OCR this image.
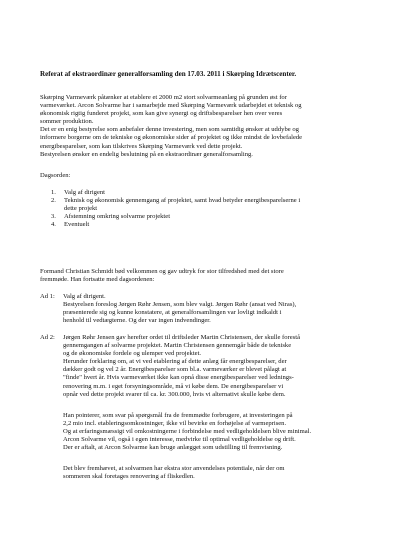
Referat af ekstraordinær generalforsamling den 17.03. 2011 i Skørping Idrætscenter.
Skørping Varmeværk påtænker at etablere et 2000 m2 stort solvarmeanlæg på grunden øst for
varmeværket. Arcon Solvarme har i samarbejde med Skørping Varmeværk udarbejdet et teknisk og
økonomisk rigtig funderet projekt, som kan give synergi og driftsbesparelser hen over veres
sommer produktion.
Det er en enig bestyrelse som anbefaler denne investering, men som samtidig ønsker at uddybe og
informere borgerne om de tekniske og økonomiske sider af projektet og ikke mindst de lovbefalede
energibesparelser, som kan tilskrives Skørping Varmeværk ved dette projekt.
Bestyrelsen ønsker en endelig beslutning på en ekstraordinær generalforsamling.
Dagsorden:
1. Valg af dirigent
2. Teknisk og økonomisk gennemgang af projektet, samt hvad betyder energibesparelserne i
dette projekt
3. Afstemning omkring solvarme projektet
4. Eventuelt
Formand Christian Schmidt bød velkommen og gav udtryk for stor tilfredshed med det store
fremmøde. Han fortsatte med dagsordenen:
Ad 1: Valg af dirigent.
Bestyrelsen foreslog Jørgen Røhr Jensen, som blev valgt. Jørgen Røhr (ansat ved Niras),
præsenterede sig og kunne konstatere, at generalforsamlingen var lovligt indkaldt i
henhold til vedtægterne. Og der var ingen indvendinger.
Ad 2: Jørgen Røhr Jensen gav herefter ordet til driftsleder Martin Christensen, der skulle forestå
gennemgangen af solvarme projektet. Martin Christensen gennemgår både de tekniske
og de økonomiske fordele og ulemper ved projektet.
Herunder forklaring om, at vi ved etablering af dette anlæg får energibesparelser, der
dækker godt og vel 2 år. Energibesparelser som bl.a. varmeværker er blevet pålagt at
"finde" hvert år. Hvis varmeværket ikke kan opnå disse energibesparelser ved lednings-
renovering m.m. i eget forsyningsområde, må vi købe dem. De energibesparelser vi
opnår ved dette projekt svarer til ca. kr. 300.000, hvis vi alternativt skulle købe dem.
Han pointerer, som svar på spørgsmål fra de fremmødte forbrugere, at investeringen på
2,2 mio incl. etableringsomkostninger, ikke vil bevirke en forhøjelse af varmeprisen.
Og at erfaringsmæssigt vil omkostningerne i forbindelse med vedligeholdelsen blive minimal.
Arcon Solvarme vil, også i egen interesse, medvirke til optimal vedligeholdelse og drift.
Der er aftalt, at Arcon Solvarme kan bruge anlægget som udstilling til fremvisning.
Det blev fremhævet, at solvarmen har ekstra stor anvendelses potentiale, når der om
sommeren skal foretages renovering af fliskedlen.
